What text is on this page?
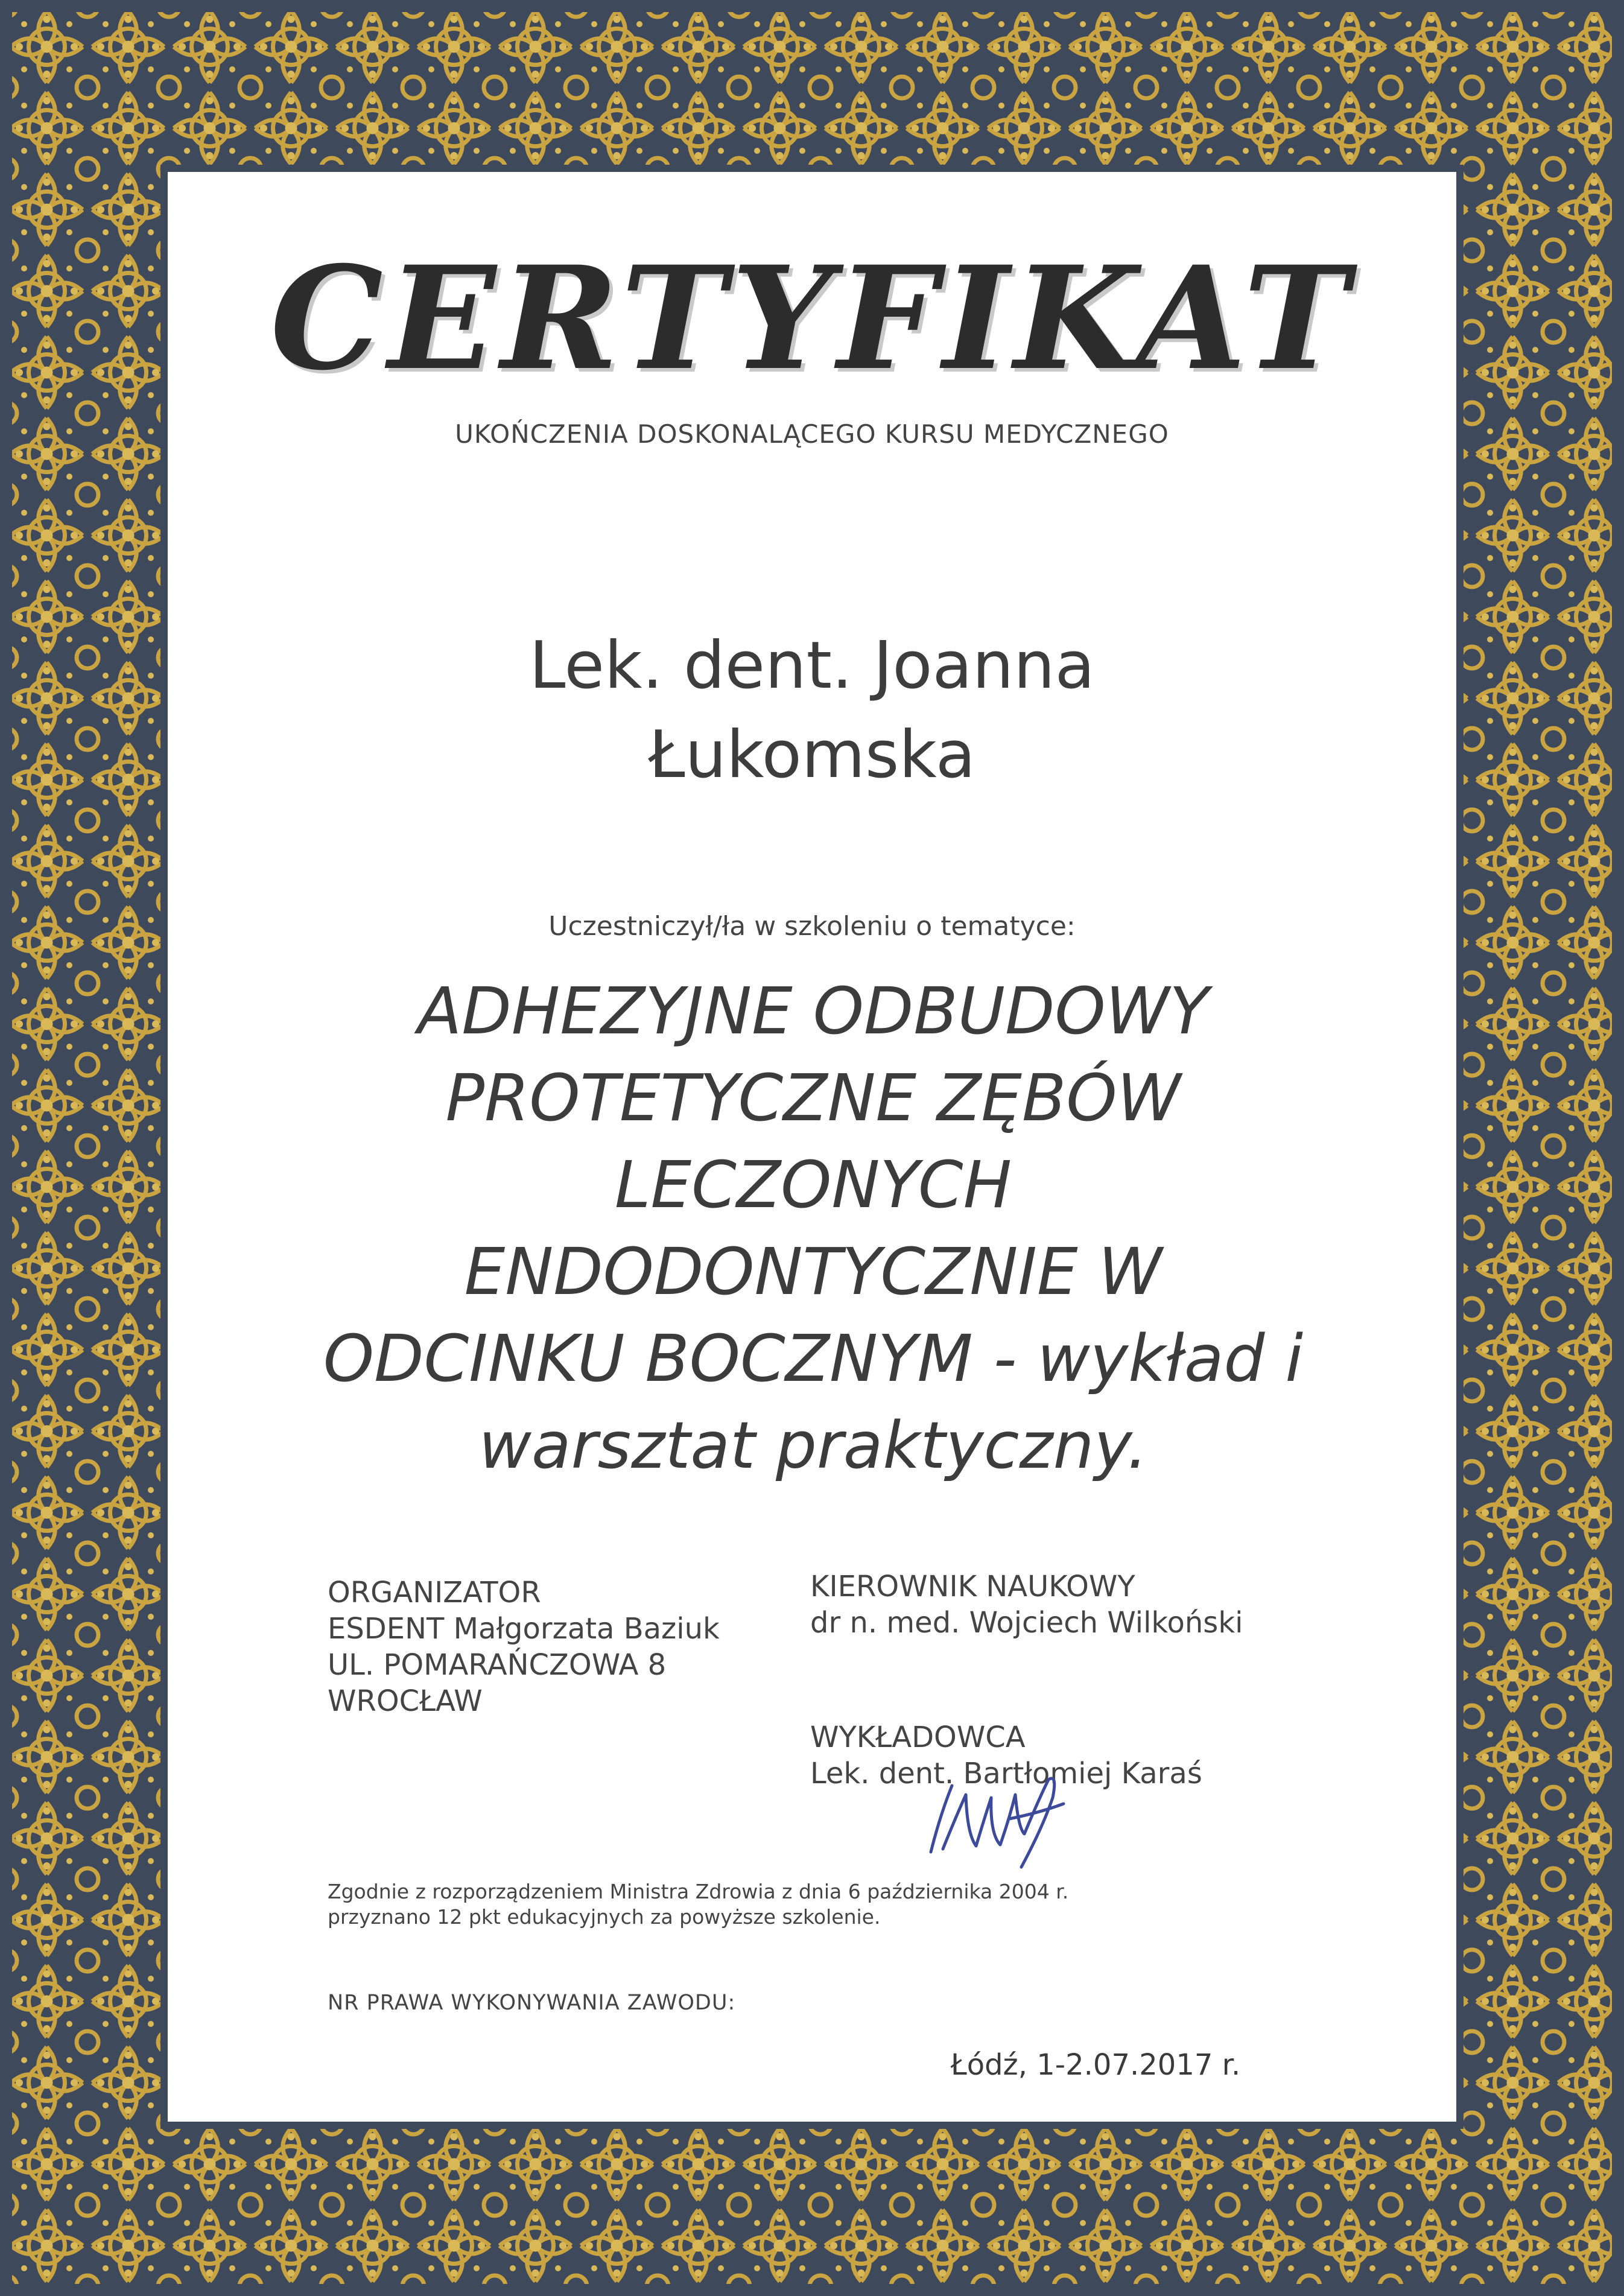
CERTYFIKAT

UKOŃCZENIA DOSKONALĄCEGO KURSU MEDYCZNEGO

Lek. dent. Joanna
Łukomska

Uczestniczył/ła w szkoleniu o tematyce:

ADHEZYJNE ODBUDOWY
PROTETYCZNE ZĘBÓW
LECZONYCH
ENDODONTYCZNIE W
ODCINKU BOCZNYM - wykład i
warsztat praktyczny.
ORGANIZATOR
ESDENT Małgorzata Baziuk
UL. POMARAŃCZOWA 8
WROCŁAW
KIEROWNIK NAUKOWY
dr n. med. Wojciech Wilkoński
WYKŁADOWCA
Lek. dent. Bartłomiej Karaś

Zgodnie z rozporządzeniem Ministra Zdrowia z dnia 6 października 2004 r.
przyznano 12 pkt edukacyjnych za powyższe szkolenie.

NR PRAWA WYKONYWANIA ZAWODU:

Łódź, 1-2.07.2017 r.
